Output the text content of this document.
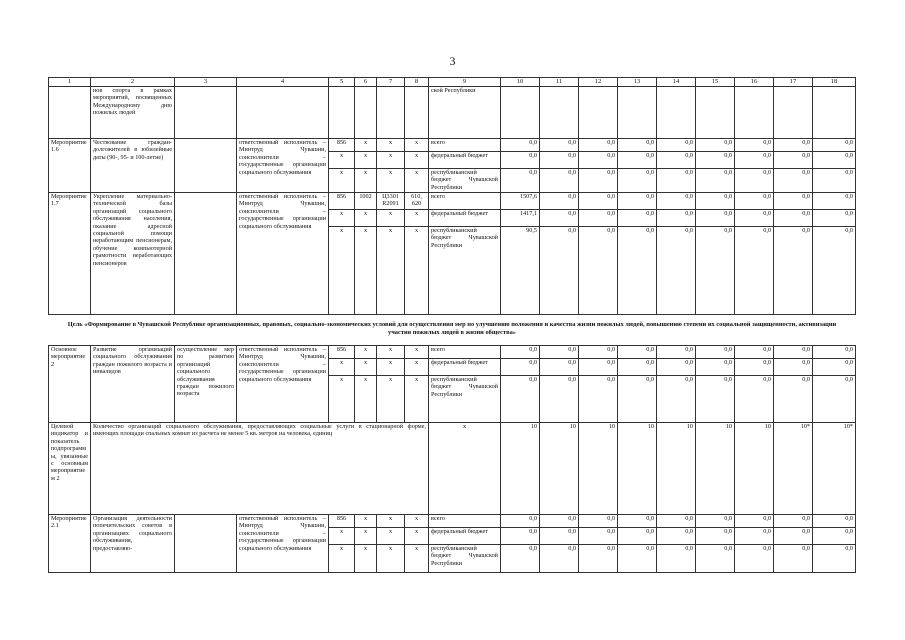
3
1	2	3	4	5	6	7	8	9	10	11	12	13	14	15	16	17	18
	нов спорта в рамках мероприятий, посвященных Международному дню пожилых людей							ской Республики									
Мероприятие 1.6	Чествование граждан-долгожителей в юбилейные даты (90-, 95- и 100-летие)		ответственный исполнитель – Минтруд Чувашии, соисполнители – государственные организации социального обслуживания	856	x	x	x	всего	0,0	0,0	0,0	0,0	0,0	0,0	0,0	0,0	0,0
				x	x	x	x	федеральный бюджет	0,0	0,0	0,0	0,0	0,0	0,0	0,0	0,0	0,0
				x	x	x	x	республиканский бюджет Чувашской Республики	0,0	0,0	0,0	0,0	0,0	0,0	0,0	0,0	0,0
Мероприятие 1.7	Укрепление материально-технической базы организаций социального обслуживания населения, оказание адресной социальной помощи неработающим пенсионерам, обучение компьютерной грамотности неработающих пенсионеров		ответственный исполнитель – Минтруд Чувашии, соисполнители – государственные организации социального обслуживания	856	1002	Ц3301 R2091	610, 620	всего	1507,6	0,0	0,0	0,0	0,0	0,0	0,0	0,0	0,0
				x	x	x	x	федеральный бюджет	1417,1	0,0	0,0	0,0	0,0	0,0	0,0	0,0	0,0
				x	x	x	x	республиканский бюджет Чувашской Республики	90,5	0,0	0,0	0,0	0,0	0,0	0,0	0,0	0,0
Цель «Формирование в Чувашской Республике организационных, правовых, социально-экономических условий для осуществления мер по улучшению положения и качества жизни пожилых людей, повышению степени их социальной защищенности, активизации участия пожилых людей в жизни общества»																	
Основное мероприятие 2	Развитие организаций социального обслуживания граждан пожилого возраста и инвалидов	осуществление мер по развитию организаций социального обслуживания граждан пожилого возраста	ответственный исполнитель – Минтруд Чувашии, соисполнители – государственные организации социального обслуживания	856	x	x	x	всего	0,0	0,0	0,0	0,0	0,0	0,0	0,0	0,0	0,0
				x	x	x	x	федеральный бюджет	0,0	0,0	0,0	0,0	0,0	0,0	0,0	0,0	0,0
				x	x	x	x	республиканский бюджет Чувашской Республики	0,0	0,0	0,0	0,0	0,0	0,0	0,0	0,0	0,0
Целевой индикатор и показатель подпрограммы, увязанные с основным мероприятием 2	Количество организаций социального обслуживания, предоставляющих социальные услуги в стационарной форме, имеющих площади спальных комнат из расчета не менее 5 кв. метров на человека, единиц							x	10	10	10	10	10	10	10	10*	10*
Мероприятие 2.1	Организация деятельности попечительских советов в организациях социального обслуживания, предоставляю-		ответственный исполнитель – Минтруд Чувашии, соисполнители – государственные организации социального обслуживания	856	x	x	x	всего	0,0	0,0	0,0	0,0	0,0	0,0	0,0	0,0	0,0
				x	x	x	x	федеральный бюджет	0,0	0,0	0,0	0,0	0,0	0,0	0,0	0,0	0,0
				x	x	x	x	республиканский бюджет Чувашской Республики	0,0	0,0	0,0	0,0	0,0	0,0	0,0	0,0	0,0
